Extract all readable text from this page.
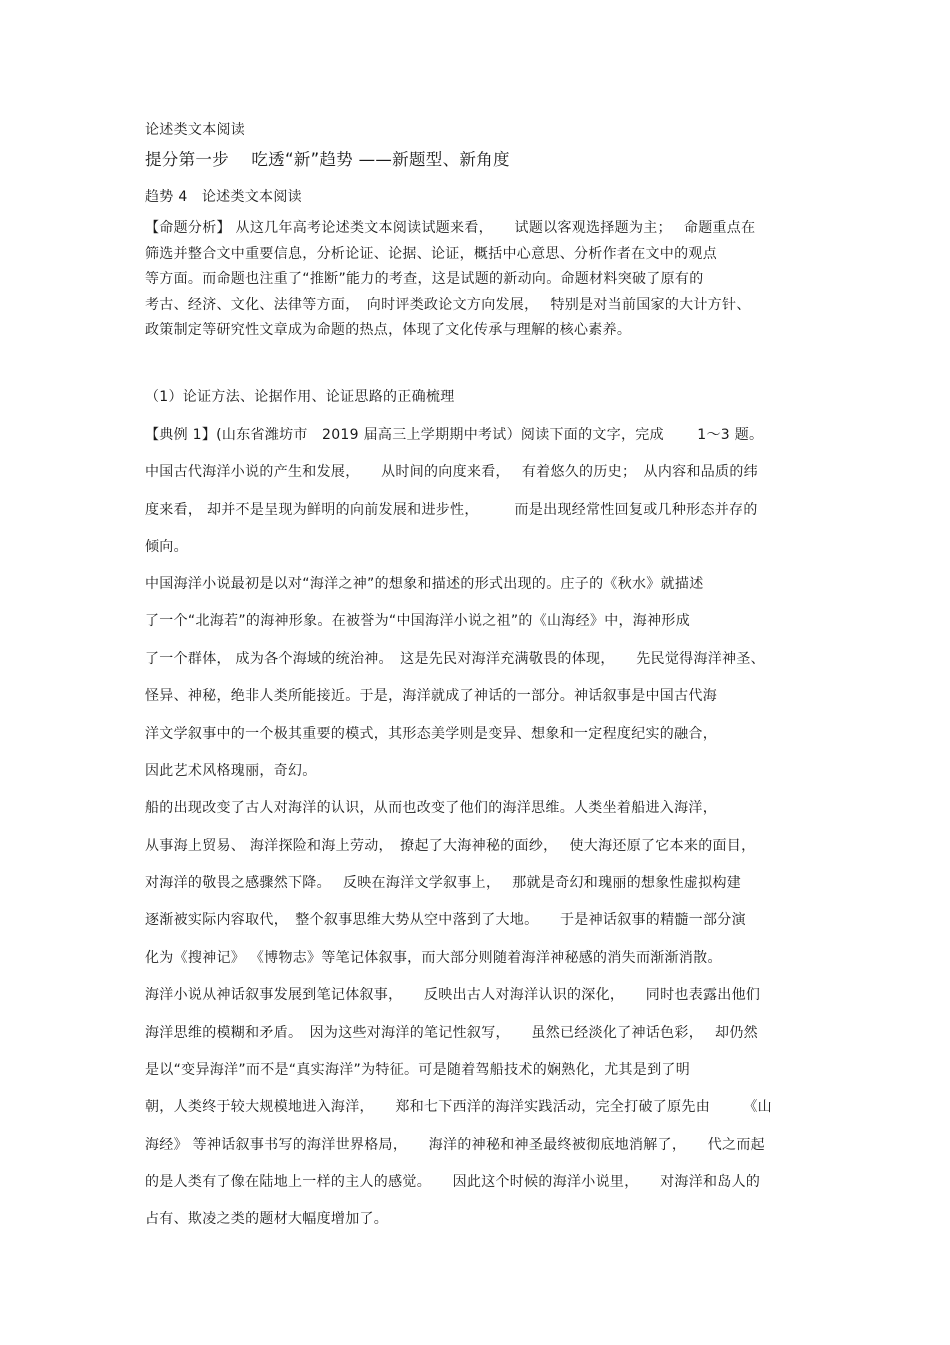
论述类文本阅读
提分第一步　 吃透“新”趋势 ——新题型、新角度
趋势 4　论述类文本阅读
【命题分析】 从这几年高考论述类文本阅读试题来看，　　试题以客观选择题为主；　 命题重点在
筛选并整合文中重要信息，分析论证、论据、论证，概括中心意思、分析作者在文中的观点
等方面。而命题也注重了“推断”能力的考查，这是试题的新动向。命题材料突破了原有的
考古、经济、文化、法律等方面，　向时评类政论文方向发展，　 特别是对当前国家的大计方针、
政策制定等研究性文章成为命题的热点，体现了文化传承与理解的核心素养。
（1）论证方法、论据作用、论证思路的正确梳理
【典例 1】(山东省潍坊市　2019 届高三上学期期中考试）阅读下面的文字，完成　　 1～3 题。
中国古代海洋小说的产生和发展，　　从时间的向度来看，　 有着悠久的历史；　从内容和品质的纬
度来看， 却并不是呈现为鲜明的向前发展和进步性，　　　而是出现经常性回复或几种形态并存的
倾向。
中国海洋小说最初是以对“海洋之神”的想象和描述的形式出现的。庄子的《秋水》就描述
了一个“北海若”的海神形象。在被誉为“中国海洋小说之祖”的《山海经》中，海神形成
了一个群体， 成为各个海域的统治神。　这是先民对海洋充满敬畏的体现，　　先民觉得海洋神圣、
怪异、神秘，绝非人类所能接近。于是，海洋就成了神话的一部分。神话叙事是中国古代海
洋文学叙事中的一个极其重要的模式，其形态美学则是变异、想象和一定程度纪实的融合，
因此艺术风格瑰丽，奇幻。
船的出现改变了古人对海洋的认识，从而也改变了他们的海洋思维。人类坐着船进入海洋，
从事海上贸易、 海洋探险和海上劳动，　撩起了大海神秘的面纱，　 使大海还原了它本来的面目，
对海洋的敬畏之感骤然下降。　 反映在海洋文学叙事上，　 那就是奇幻和瑰丽的想象性虚拟构建
逐渐被实际内容取代，　整个叙事思维大势从空中落到了大地。　　于是神话叙事的精髓一部分演
化为《搜神记》 《博物志》等笔记体叙事，而大部分则随着海洋神秘感的消失而渐渐消散。
海洋小说从神话叙事发展到笔记体叙事，　　反映出古人对海洋认识的深化，　　同时也表露出他们
海洋思维的模糊和矛盾。　因为这些对海洋的笔记性叙写，　　虽然已经淡化了神话色彩，　 却仍然
是以“变异海洋”而不是“真实海洋”为特征。可是随着驾船技术的娴熟化，尤其是到了明
朝，人类终于较大规模地进入海洋，　　郑和七下西洋的海洋实践活动，完全打破了原先由　　 《山
海经》 等神话叙事书写的海洋世界格局，　　海洋的神秘和神圣最终被彻底地消解了，　　代之而起
的是人类有了像在陆地上一样的主人的感觉。　　因此这个时候的海洋小说里，　　对海洋和岛人的
占有、欺凌之类的题材大幅度增加了。
